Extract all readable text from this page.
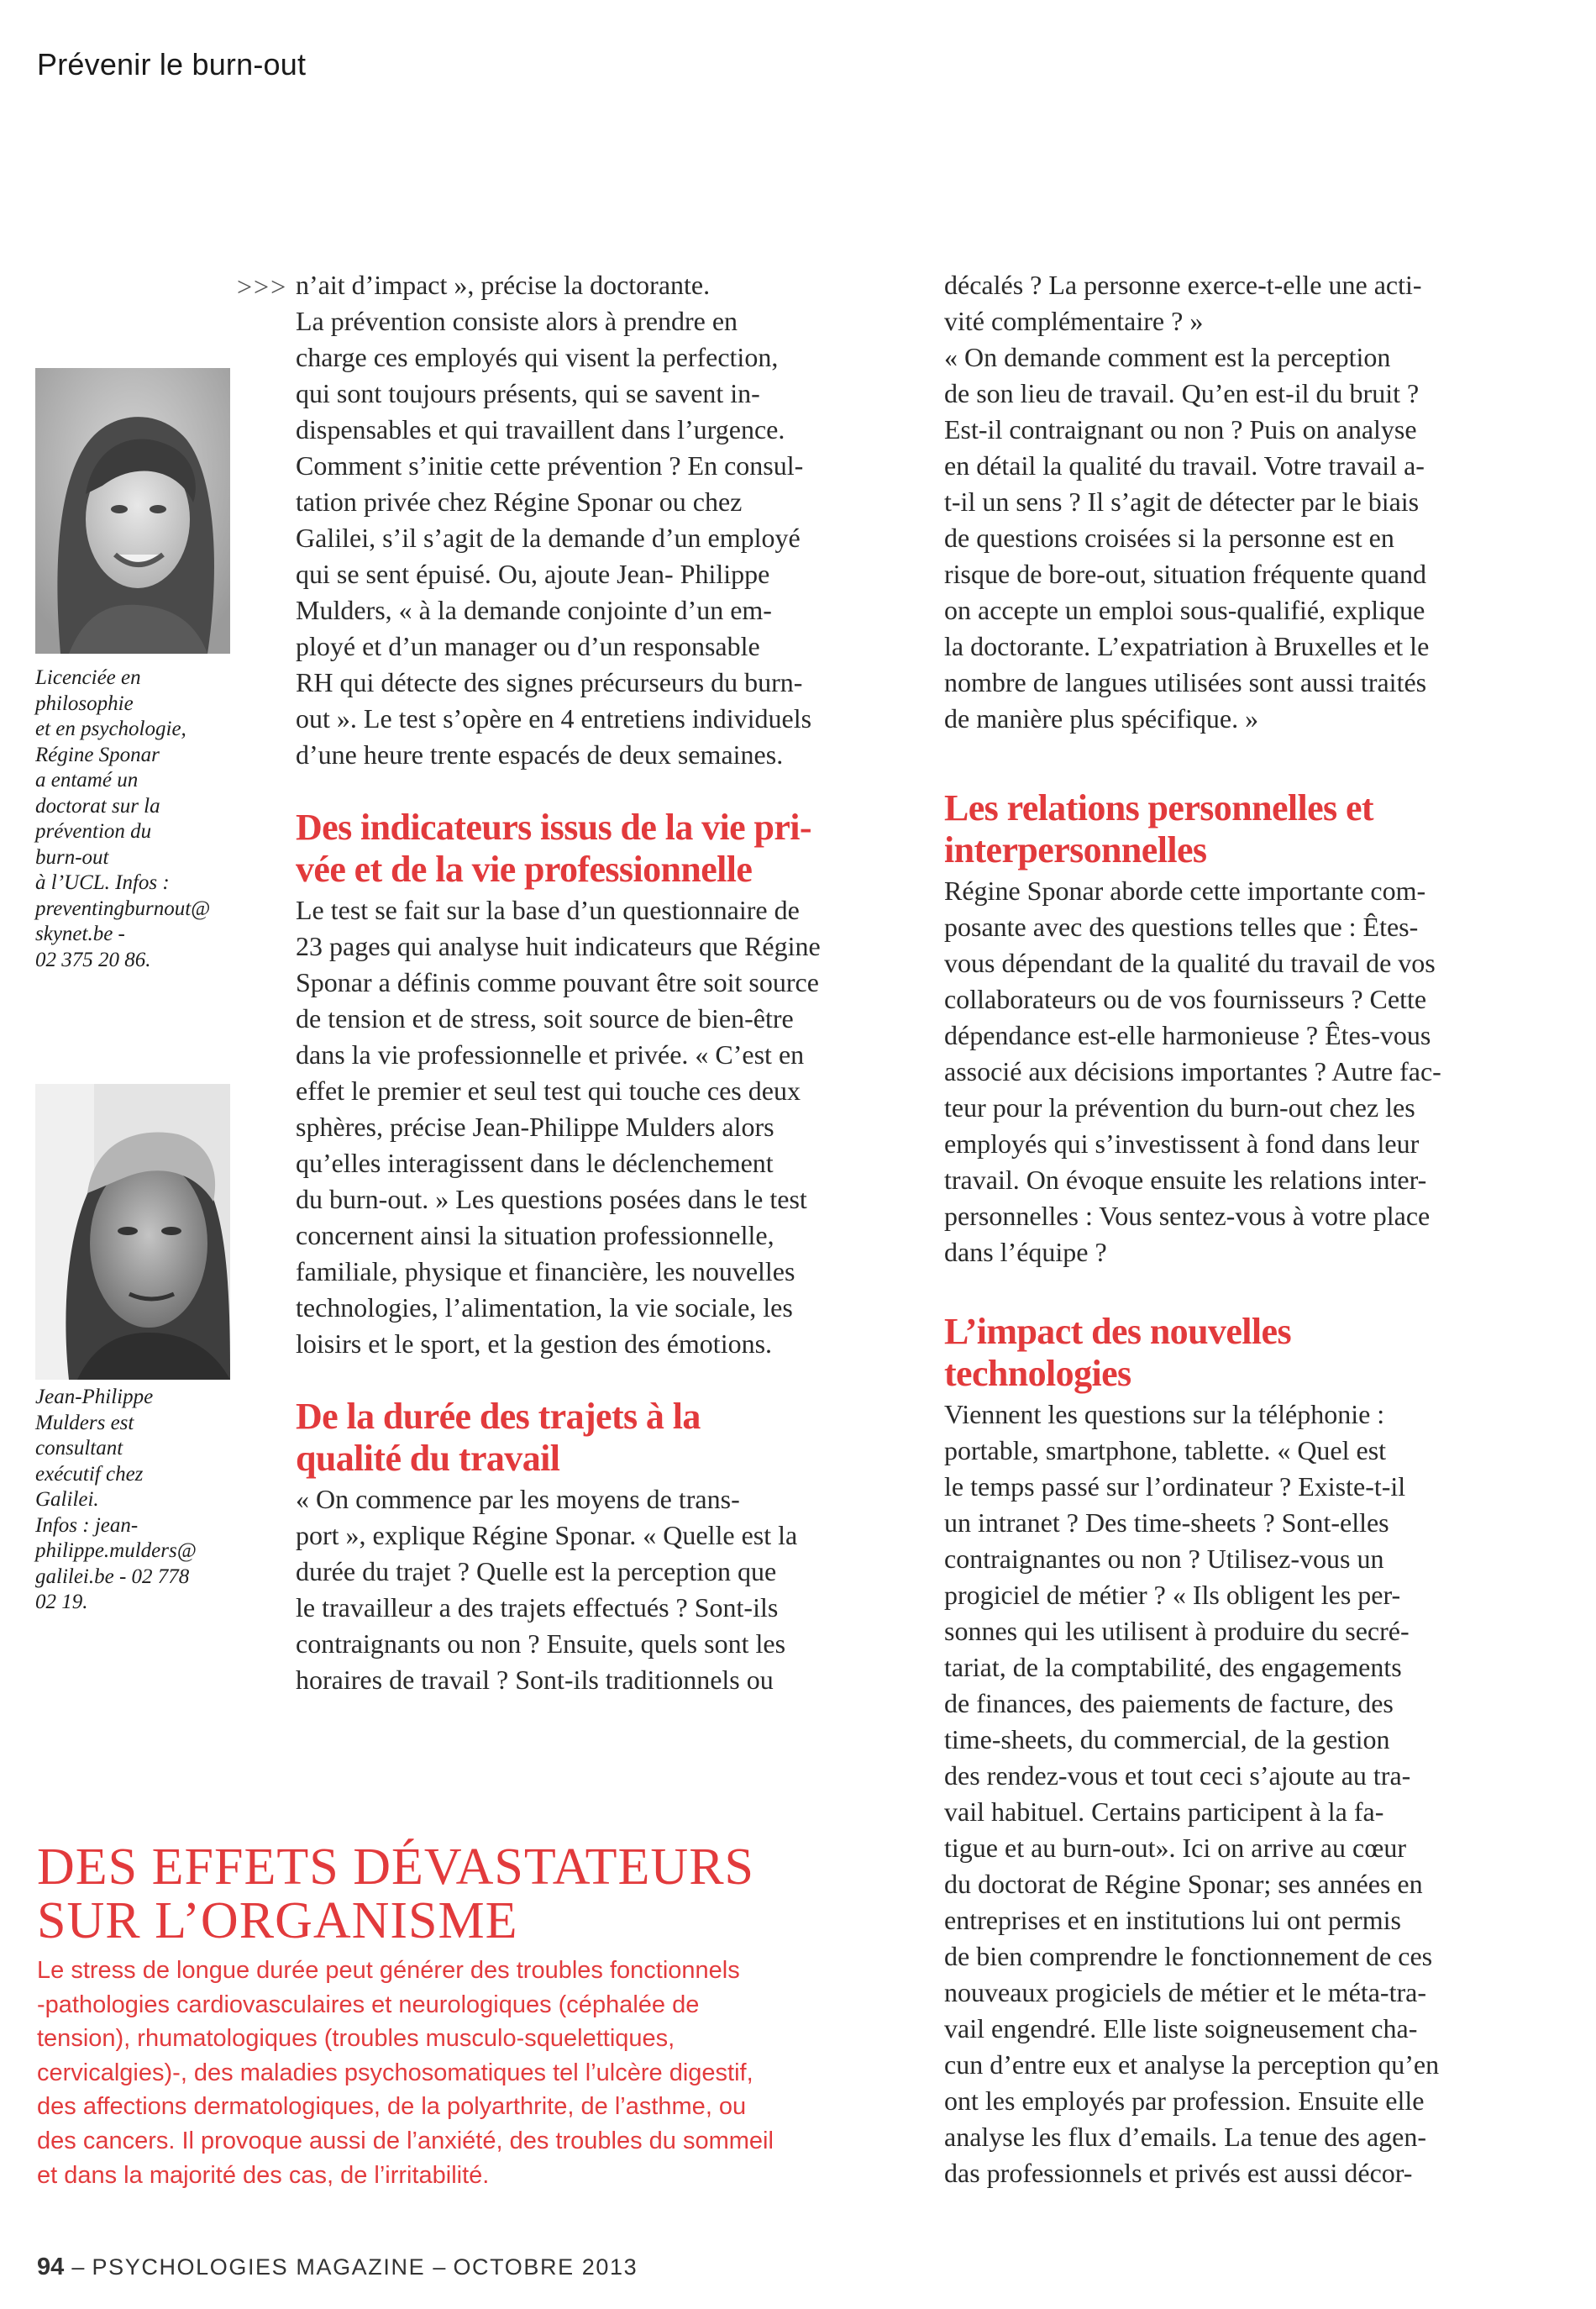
Prévenir le burn-out

Licenciée en
philosophie
et en psychologie,
Régine Sponar
a entamé un
doctorat sur la
prévention du
burn-out
à l’UCL. Infos :
preventingburnout@
skynet.be -
02 375 20 86.

Jean-Philippe
Mulders est
consultant
exécutif chez
Galilei.
Infos : jean-
philippe.mulders@
galilei.be - 02 778
02 19.

>>> n’ait d’impact », précise la doctorante.
La prévention consiste alors à prendre en
charge ces employés qui visent la perfection,
qui sont toujours présents, qui se savent in-
dispensables et qui travaillent dans l’urgence.
Comment s’initie cette prévention ? En consul-
tation privée chez Régine Sponar ou chez
Galilei, s’il s’agit de la demande d’un employé
qui se sent épuisé. Ou, ajoute Jean- Philippe
Mulders, « à la demande conjointe d’un em-
ployé et d’un manager ou d’un responsable
RH qui détecte des signes précurseurs du burn-
out ». Le test s’opère en 4 entretiens individuels
d’une heure trente espacés de deux semaines.

Des indicateurs issus de la vie pri-
vée et de la vie professionnelle

Le test se fait sur la base d’un questionnaire de
23 pages qui analyse huit indicateurs que Régine
Sponar a définis comme pouvant être soit source
de tension et de stress, soit source de bien-être
dans la vie professionnelle et privée. « C’est en
effet le premier et seul test qui touche ces deux
sphères, précise Jean-Philippe Mulders alors
qu’elles interagissent dans le déclenchement
du burn-out. » Les questions posées dans le test
concernent ainsi la situation professionnelle,
familiale, physique et financière, les nouvelles
technologies, l’alimentation, la vie sociale, les
loisirs et le sport, et la gestion des émotions.

De la durée des trajets à la
qualité du travail

« On commence par les moyens de trans-
port », explique Régine Sponar. « Quelle est la
durée du trajet ? Quelle est la perception que
le travailleur a des trajets effectués ? Sont-ils
contraignants ou non ? Ensuite, quels sont les
horaires de travail ? Sont-ils traditionnels ou

décalés ? La personne exerce-t-elle une acti-
vité complémentaire ? »
« On demande comment est la perception
de son lieu de travail. Qu’en est-il du bruit ?
Est-il contraignant ou non ? Puis on analyse
en détail la qualité du travail. Votre travail a-
t-il un sens ? Il s’agit de détecter par le biais
de questions croisées si la personne est en
risque de bore-out, situation fréquente quand
on accepte un emploi sous-qualifié, explique
la doctorante. L’expatriation à Bruxelles et le
nombre de langues utilisées sont aussi traités
de manière plus spécifique. »

Les relations personnelles et
interpersonnelles

Régine Sponar aborde cette importante com-
posante avec des questions telles que : Êtes-
vous dépendant de la qualité du travail de vos
collaborateurs ou de vos fournisseurs ? Cette
dépendance est-elle harmonieuse ? Êtes-vous
associé aux décisions importantes ? Autre fac-
teur pour la prévention du burn-out chez les
employés qui s’investissent à fond dans leur
travail. On évoque ensuite les relations inter-
personnelles : Vous sentez-vous à votre place
dans l’équipe ?

L’impact des nouvelles
technologies

Viennent les questions sur la téléphonie :
portable, smartphone, tablette. « Quel est
le temps passé sur l’ordinateur ? Existe-t-il
un intranet ? Des time-sheets ? Sont-elles
contraignantes ou non ? Utilisez-vous un
progiciel de métier ? « Ils obligent les per-
sonnes qui les utilisent à produire du secré-
tariat, de la comptabilité, des engagements
de finances, des paiements de facture, des
time-sheets, du commercial, de la gestion
des rendez-vous et tout ceci s’ajoute au tra-
vail habituel. Certains participent à la fa-
tigue et au burn-out». Ici on arrive au cœur
du doctorat de Régine Sponar; ses années en
entreprises et en institutions lui ont permis
de bien comprendre le fonctionnement de ces
nouveaux progiciels de métier et le méta-tra-
vail engendré. Elle liste soigneusement cha-
cun d’entre eux et analyse la perception qu’en
ont les employés par profession. Ensuite elle
analyse les flux d’emails. La tenue des agen-
das professionnels et privés est aussi décor-

DES EFFETS DÉVASTATEURS
SUR L’ORGANISME
Le stress de longue durée peut générer des troubles fonctionnels
-pathologies cardiovasculaires et neurologiques (céphalée de
tension), rhumatologiques (troubles musculo-squelettiques,
cervicalgies)-, des maladies psychosomatiques tel l’ulcère digestif,
des affections dermatologiques, de la polyarthrite, de l’asthme, ou
des cancers. Il provoque aussi de l’anxiété, des troubles du sommeil
et dans la majorité des cas, de l’irritabilité.
94 – PSYCHOLOGIES MAGAZINE – OCTOBRE 2013
